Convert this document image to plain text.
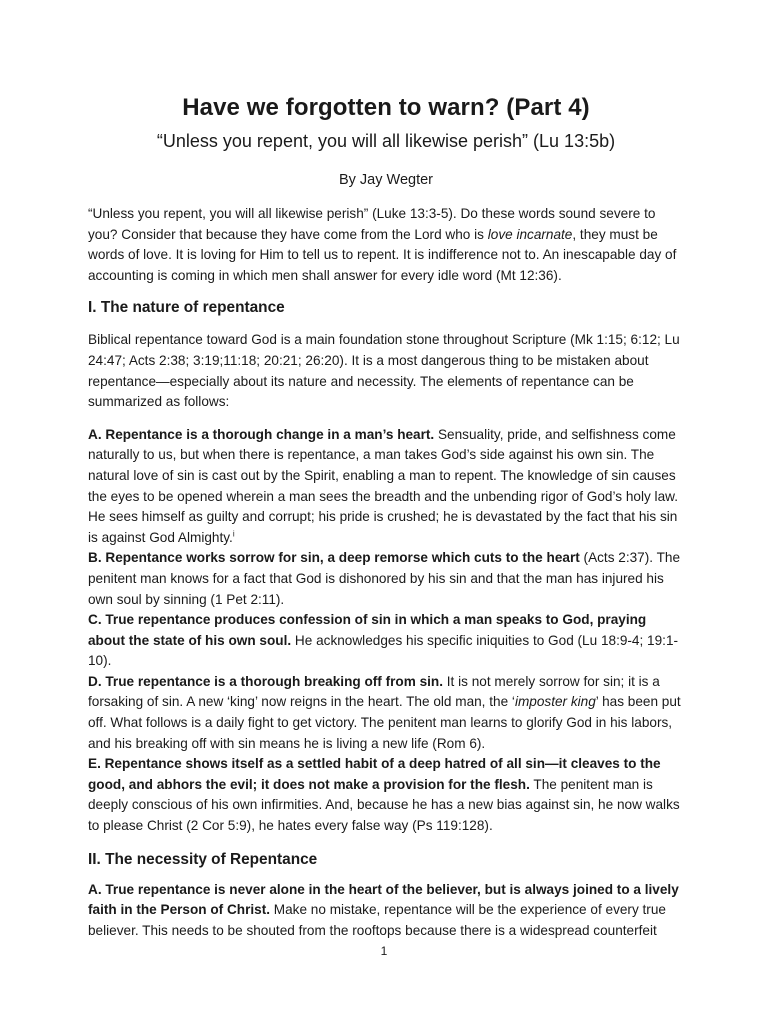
Have we forgotten to warn? (Part 4)
“Unless you repent, you will all likewise perish” (Lu 13:5b)
By Jay Wegter

“Unless you repent, you will all likewise perish” (Luke 13:3-5). Do these words sound severe to you? Consider that because they have come from the Lord who is love incarnate, they must be words of love. It is loving for Him to tell us to repent. It is indifference not to. An inescapable day of accounting is coming in which men shall answer for every idle word (Mt 12:36).

I. The nature of repentance

Biblical repentance toward God is a main foundation stone throughout Scripture (Mk 1:15; 6:12; Lu 24:47; Acts 2:38; 3:19;11:18; 20:21; 26:20). It is a most dangerous thing to be mistaken about repentance—especially about its nature and necessity. The elements of repentance can be summarized as follows:

A. Repentance is a thorough change in a man’s heart. Sensuality, pride, and selfishness come naturally to us, but when there is repentance, a man takes God’s side against his own sin. The natural love of sin is cast out by the Spirit, enabling a man to repent. The knowledge of sin causes the eyes to be opened wherein a man sees the breadth and the unbending rigor of God’s holy law. He sees himself as guilty and corrupt; his pride is crushed; he is devastated by the fact that his sin is against God Almighty.$^i$

B. Repentance works sorrow for sin, a deep remorse which cuts to the heart (Acts 2:37). The penitent man knows for a fact that God is dishonored by his sin and that the man has injured his own soul by sinning (1 Pet 2:11).

C. True repentance produces confession of sin in which a man speaks to God, praying about the state of his own soul. He acknowledges his specific iniquities to God (Lu 18:9-4; 19:1-10).

D. True repentance is a thorough breaking off from sin. It is not merely sorrow for sin; it is a forsaking of sin. A new ‘king’ now reigns in the heart. The old man, the ‘imposter king’ has been put off. What follows is a daily fight to get victory. The penitent man learns to glorify God in his labors, and his breaking off with sin means he is living a new life (Rom 6).

E. Repentance shows itself as a settled habit of a deep hatred of all sin—it cleaves to the good, and abhors the evil; it does not make a provision for the flesh. The penitent man is deeply conscious of his own infirmities. And, because he has a new bias against sin, he now walks to please Christ (2 Cor 5:9), he hates every false way (Ps 119:128).

II. The necessity of Repentance

A. True repentance is never alone in the heart of the believer, but is always joined to a lively faith in the Person of Christ. Make no mistake, repentance will be the experience of every true believer. This needs to be shouted from the rooftops because there is a widespread counterfeit

1
